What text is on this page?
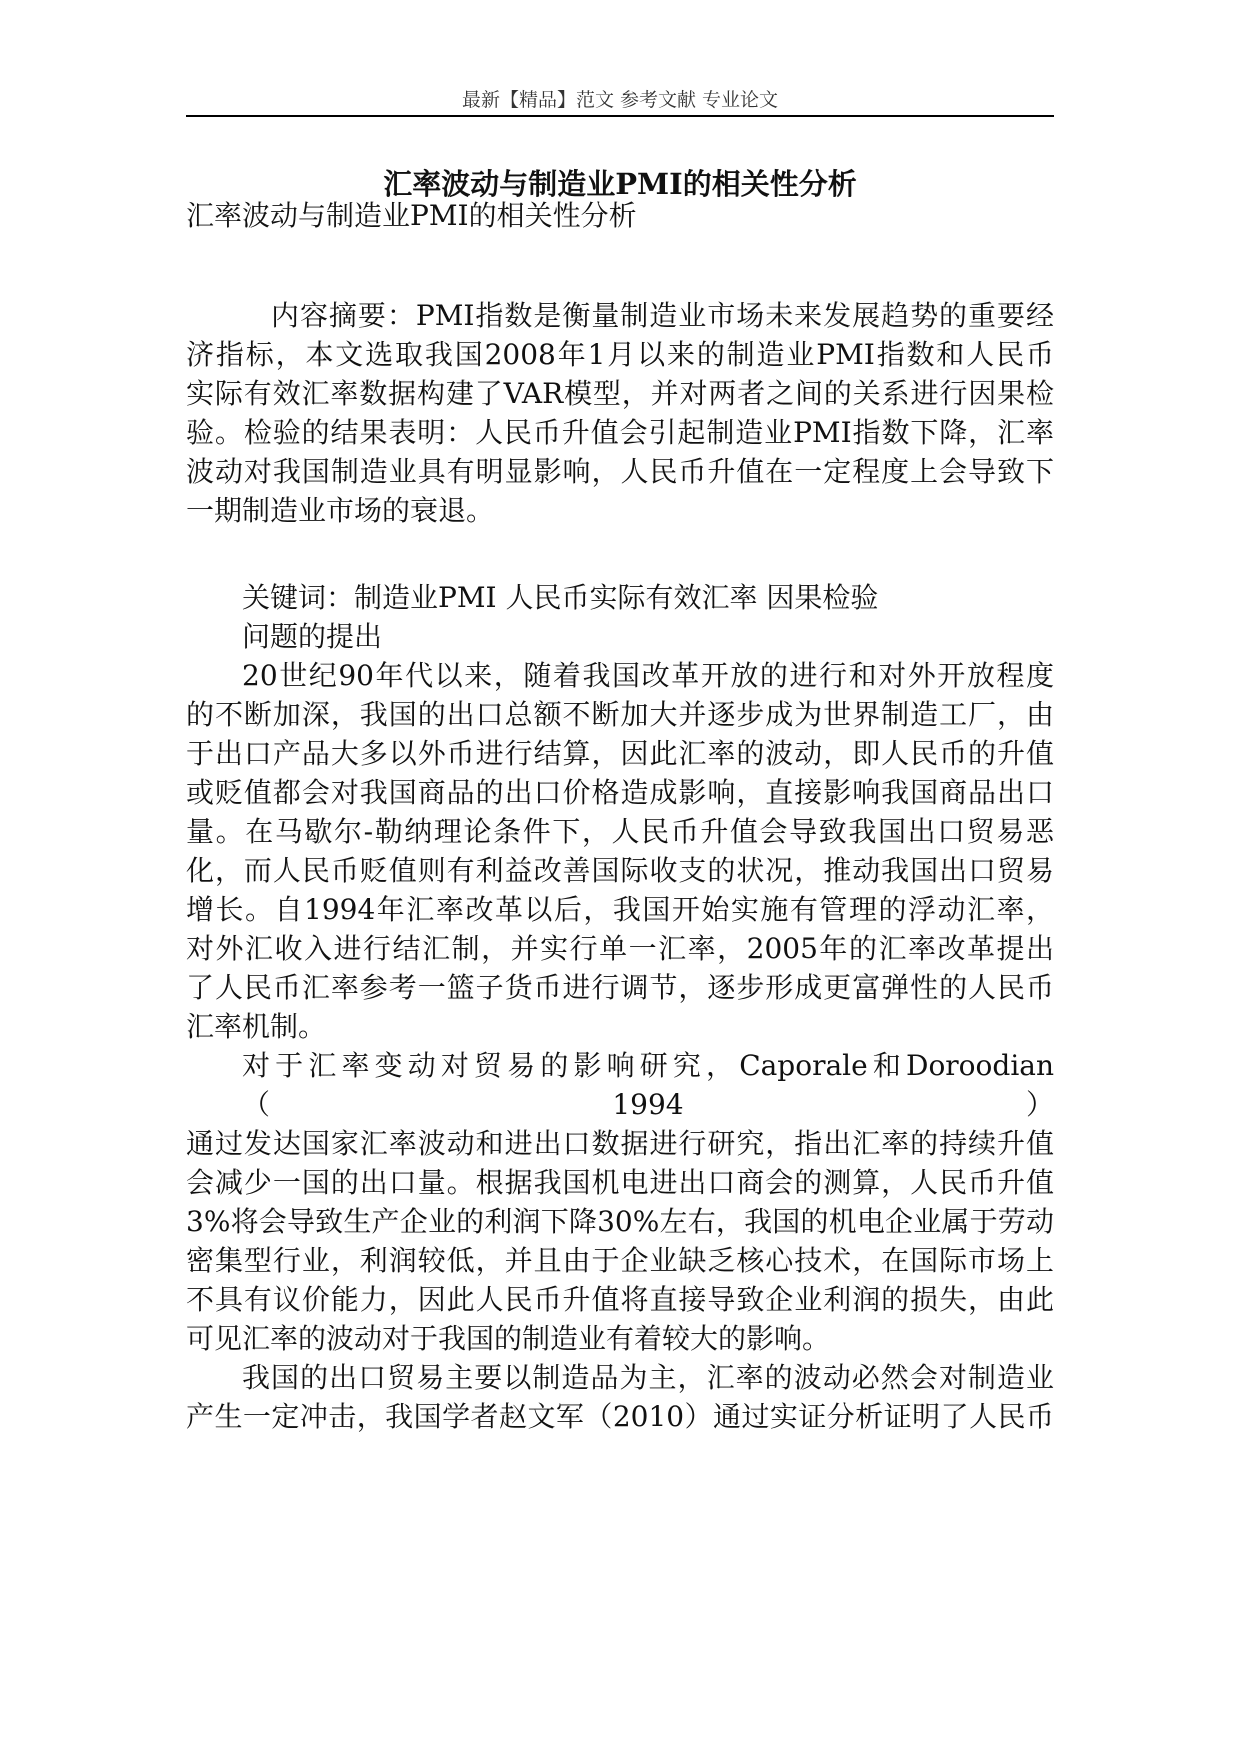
最新【精品】范文 参考文献 专业论文
汇率波动与制造业PMI的相关性分析

汇率波动与制造业PMI的相关性分析

　内容摘要：PMI指数是衡量制造业市场未来发展趋势的重要经
济指标，本文选取我国2008年1月以来的制造业PMI指数和人民币
实际有效汇率数据构建了VAR模型，并对两者之间的关系进行因果检
验。检验的结果表明：人民币升值会引起制造业PMI指数下降，汇率
波动对我国制造业具有明显影响，人民币升值在一定程度上会导致下
一期制造业市场的衰退。
关键词：制造业PMI 人民币实际有效汇率 因果检验
问题的提出
20世纪90年代以来，随着我国改革开放的进行和对外开放程度
的不断加深，我国的出口总额不断加大并逐步成为世界制造工厂，由
于出口产品大多以外币进行结算，因此汇率的波动，即人民币的升值
或贬值都会对我国商品的出口价格造成影响，直接影响我国商品出口
量。在马歇尔-勒纳理论条件下，人民币升值会导致我国出口贸易恶
化，而人民币贬值则有利益改善国际收支的状况，推动我国出口贸易
增长。自1994年汇率改革以后，我国开始实施有管理的浮动汇率，
对外汇收入进行结汇制，并实行单一汇率，2005年的汇率改革提出
了人民币汇率参考一篮子货币进行调节，逐步形成更富弹性的人民币
汇率机制。
对于汇率变动对贸易的影响研究，Caporale和Doroodian（1994）
通过发达国家汇率波动和进出口数据进行研究，指出汇率的持续升值
会减少一国的出口量。根据我国机电进出口商会的测算，人民币升值
3%将会导致生产企业的利润下降30%左右，我国的机电企业属于劳动
密集型行业，利润较低，并且由于企业缺乏核心技术，在国际市场上
不具有议价能力，因此人民币升值将直接导致企业利润的损失，由此
可见汇率的波动对于我国的制造业有着较大的影响。
我国的出口贸易主要以制造品为主，汇率的波动必然会对制造业
产生一定冲击，我国学者赵文军（2010）通过实证分析证明了人民币
